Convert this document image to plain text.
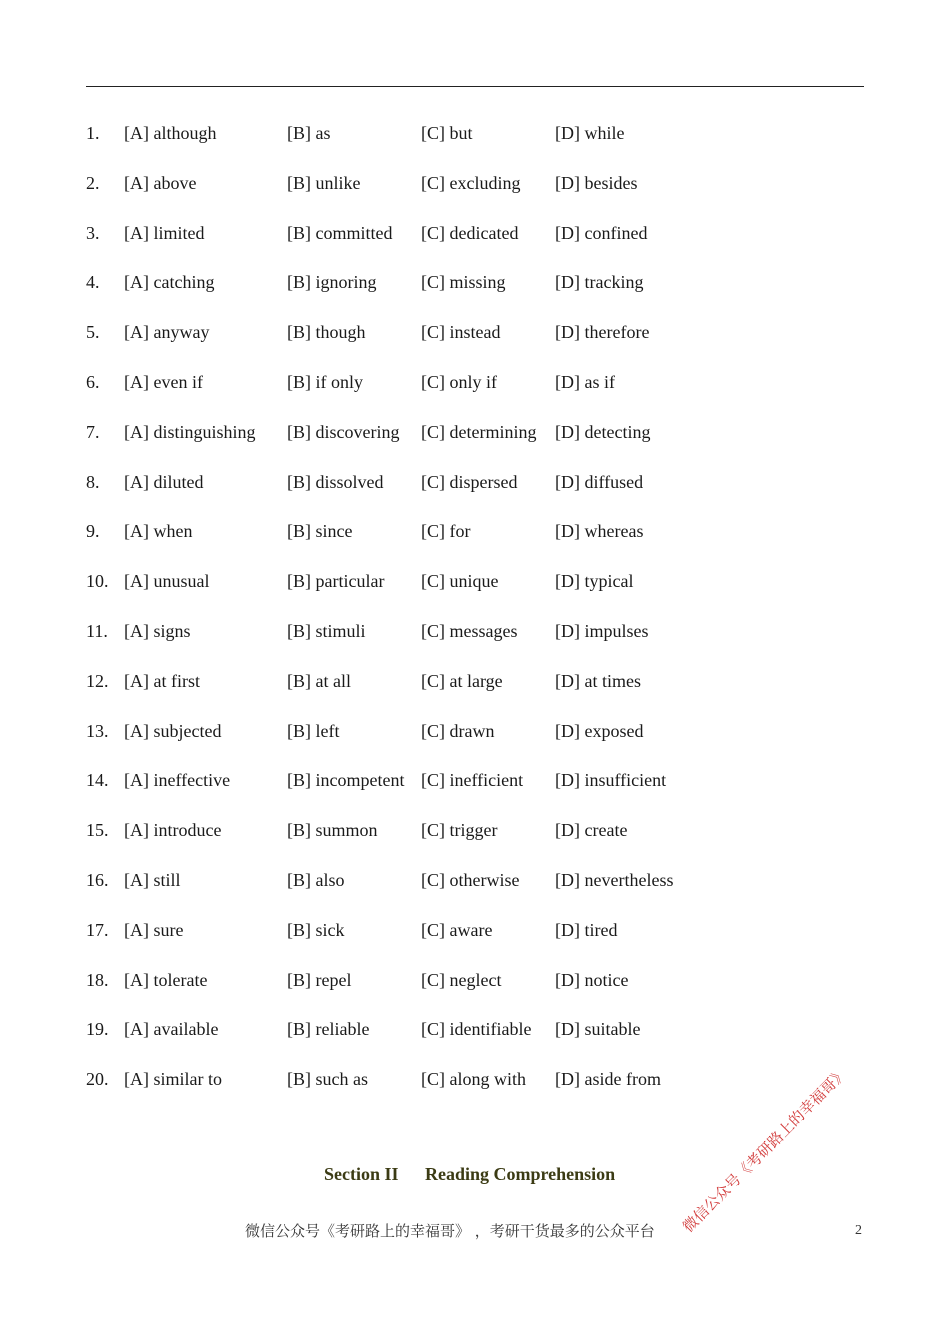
1. [A] although	[B] as	[C] but	[D] while
2. [A] above	[B] unlike	[C] excluding [D] besides
3. [A] limited	[B] committed [C] dedicated [D] confined
4. [A] catching	[B] ignoring [C] missing	[D] tracking
5. [A] anyway	[B] though	[C] instead	[D] therefore
6. [A] even if	[B] if only	[C] only if	[D] as if
7. [A] distinguishing [B] discovering [C] determining [D] detecting
8. [A] diluted	[B] dissolved [C] dispersed [D] diffused
9. [A] when	[B] since	[C] for	[D] whereas
10. [A] unusual	[B] particular [C] unique	[D] typical
11. [A] signs	[B] stimuli	[C] messages [D] impulses
12. [A] at first	[B] at all	[C] at large	[D] at times
13. [A] subjected	[B] left	[C] drawn	[D] exposed
14. [A] ineffective	[B] incompetent [C] inefficient [D] insufficient
15. [A] introduce	[B] summon [C] trigger	[D] create
16. [A] still	[B] also	[C] otherwise [D] nevertheless
17. [A] sure	[B] sick	[C] aware	[D] tired
18. [A] tolerate	[B] repel	[C] neglect	[D] notice
19. [A] available	[B] reliable	[C] identifiable [D] suitable
20. [A] similar to	[B] such as	[C] along with [D] aside from
Section II Reading Comprehension	微信公众号《考研路上的幸福哥》
微信公众号《考研路上的幸福哥》 ，考研干货最多的公众平台	2
